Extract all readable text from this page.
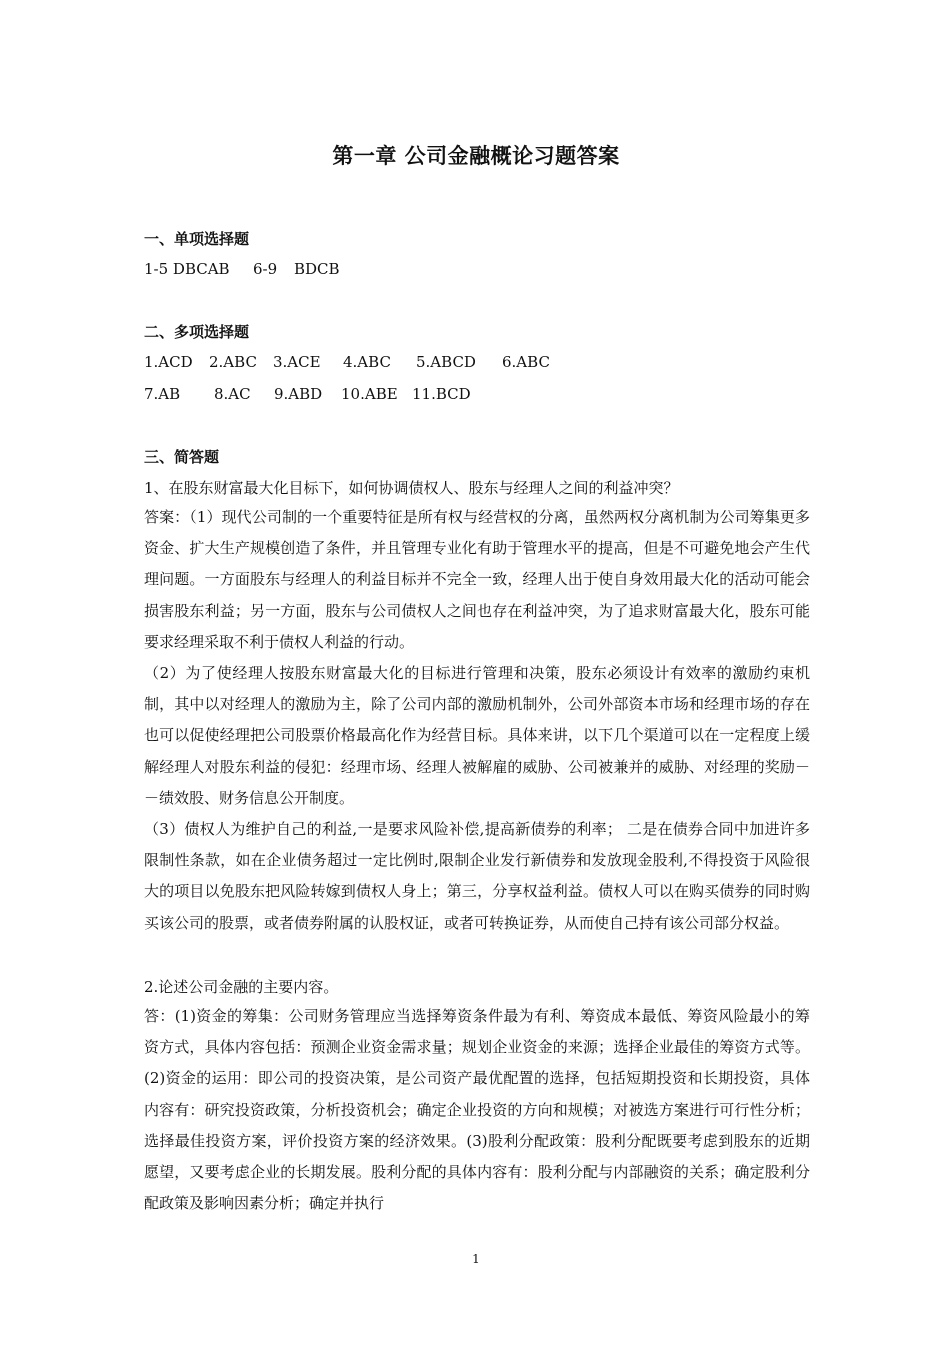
第一章 公司金融概论习题答案
一、单项选择题
1-5 DBCAB 6-9 BDCB
二、多项选择题
1.ACD 2.ABC 3.ACE 4.ABC 5.ABCD 6.ABC
7.AB 8.AC 9.ABD 10.ABE 11.BCD
三、简答题
1、在股东财富最大化目标下，如何协调债权人、股东与经理人之间的利益冲突？

答案：（1）现代公司制的一个重要特征是所有权与经营权的分离，虽然两权分离机制为公司筹集更多资金、扩大生产规模创造了条件，并且管理专业化有助于管理水平的提高，但是不可避免地会产生代理问题。一方面股东与经理人的利益目标并不完全一致，经理人出于使自身效用最大化的活动可能会损害股东利益；另一方面，股东与公司债权人之间也存在利益冲突，为了追求财富最大化，股东可能要求经理采取不利于债权人利益的行动。

（2）为了使经理人按股东财富最大化的目标进行管理和决策，股东必须设计有效率的激励约束机制，其中以对经理人的激励为主，除了公司内部的激励机制外，公司外部资本市场和经理市场的存在也可以促使经理把公司股票价格最高化作为经营目标。具体来讲，以下几个渠道可以在一定程度上缓解经理人对股东利益的侵犯：经理市场、经理人被解雇的威胁、公司被兼并的威胁、对经理的奖励－－绩效股、财务信息公开制度。

（3）债权人为维护自己的利益,一是要求风险补偿,提高新债券的利率； 二是在债券合同中加进许多限制性条款，如在企业债务超过一定比例时,限制企业发行新债券和发放现金股利,不得投资于风险很大的项目以免股东把风险转嫁到债权人身上；第三，分享权益利益。债权人可以在购买债券的同时购买该公司的股票，或者债券附属的认股权证，或者可转换证券，从而使自己持有该公司部分权益。

2.论述公司金融的主要内容。

答：(1)资金的筹集：公司财务管理应当选择筹资条件最为有利、筹资成本最低、筹资风险最小的筹资方式，具体内容包括：预测企业资金需求量；规划企业资金的来源；选择企业最佳的筹资方式等。(2)资金的运用：即公司的投资决策，是公司资产最优配置的选择，包括短期投资和长期投资，具体内容有：研究投资政策，分析投资机会；确定企业投资的方向和规模；对被选方案进行可行性分析；选择最佳投资方案，评价投资方案的经济效果。(3)股利分配政策：股利分配既要考虑到股东的近期愿望，又要考虑企业的长期发展。股利分配的具体内容有：股利分配与内部融资的关系；确定股利分配政策及影响因素分析；确定并执行

1
